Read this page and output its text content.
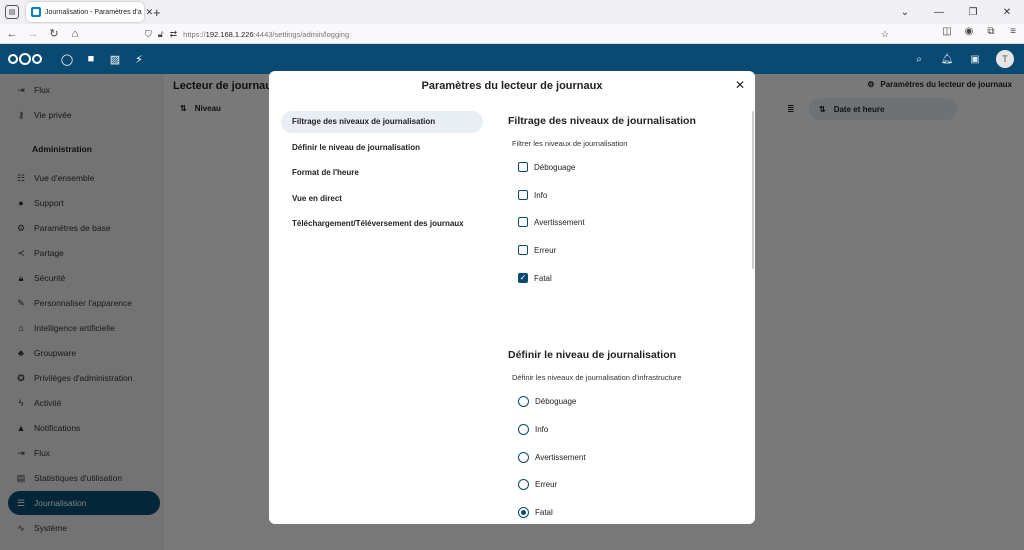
▤	Journalisation - Paramètres d'a ✕ +	⌄	—	❐	✕
← → ↻	⌂	⛉ 🔓︎ ⇄ https://192.168.1.226:4443/settings/admin/logging	☆	◫ ◉	⧉	≡
◯	■	▨ ⚡︎	⌕	🔔︎ ▣	T
Paramètres du lecteur de journaux	✕
Filtrage des niveaux de journalisation
Définir le niveau de journalisation
Format de l'heure
Vue en direct
Téléchargement/Téléversement des journaux
Filtrage des niveaux de journalisation
Filtrer les niveaux de journalisation
Déboguage
Info
Avertissement
Erreur
✓ Fatal
Définir le niveau de journalisation
Définir les niveaux de journalisation d'infrastructure
Déboguage
Info
Avertissement
Erreur
Fatal
